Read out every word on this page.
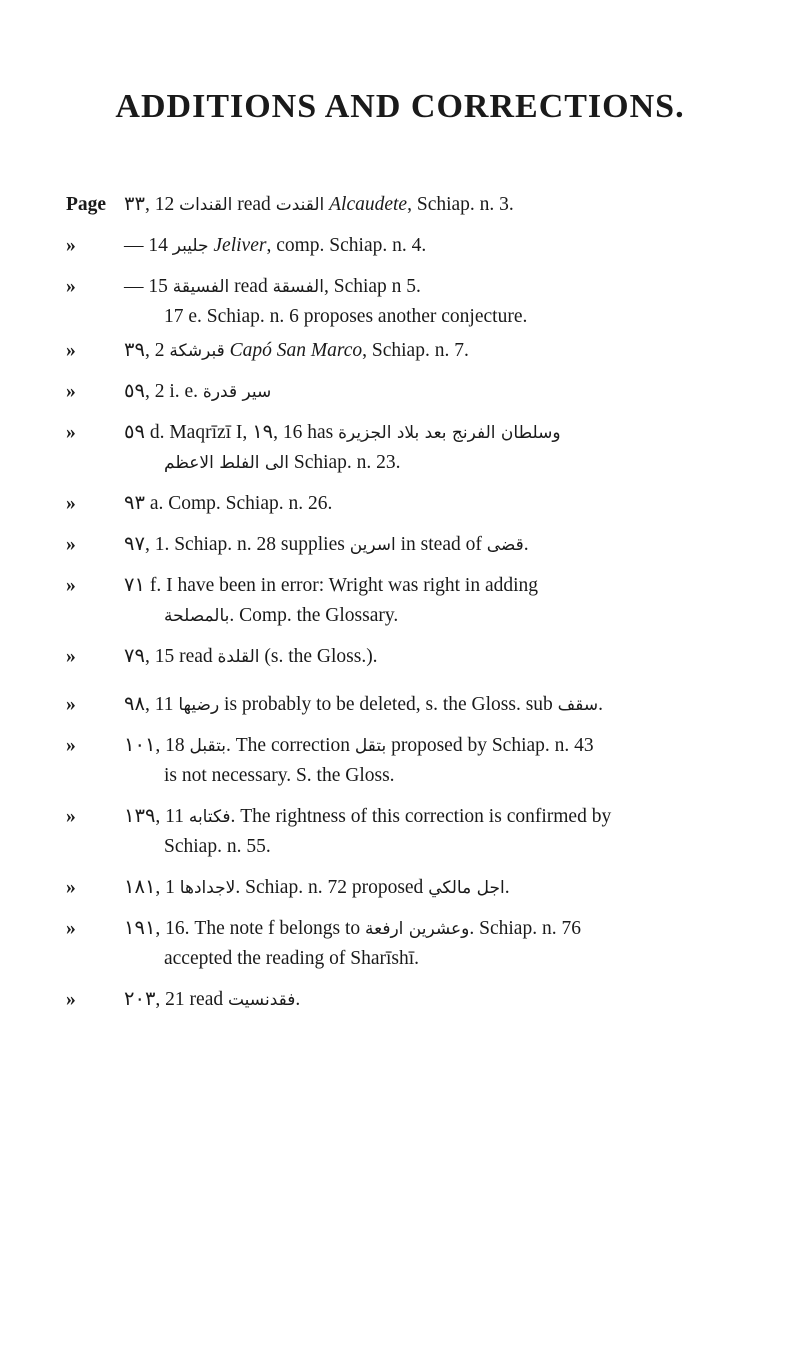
ADDITIONS AND CORRECTIONS.
Page ٣٣, 12 القندات read القندت Alcaudete, Schiap. n. 3.
»	— 14 جليبر Jeliver, comp. Schiap. n. 4.
»	— 15 الفسيقة read الفسقة, Schiap n 5.
17 e. Schiap. n. 6 proposes another conjecture.
»	٣٩, 2 قبرشكة Capó San Marco, Schiap. n. 7.
»	٥٩, 2 i. e. سير قدرة
»	٥٩ d. Maqrīzī I, ١٩, 16 has وسلطان الفرنج بعد بلاد الجزيرة
الى الفلط الاعظم Schiap. n. 23.
»	٩٣ a. Comp. Schiap. n. 26.
»	٩٧, 1. Schiap. n. 28 supplies اسرين in stead of قضى.
»	٧١ f. I have been in error: Wright was right in adding
بالمصلحة. Comp. the Glossary.
»	٧٩, 15 read القلدة (s. the Gloss.).
»	٩٨, 11 رضيها is probably to be deleted, s. the Gloss. sub سقف.
»	١٠١, 18 بتقبل. The correction بتقل proposed by Schiap. n. 43
is not necessary. S. the Gloss.
»	١٣٩, 11 فكتابه. The rightness of this correction is confirmed by
Schiap. n. 55.
»	١٨١, 1 لاجدادها. Schiap. n. 72 proposed اجل مالكي.
»	١٩١, 16. The note f belongs to وعشرين ارفعة. Schiap. n. 76
accepted the reading of Sharīshī.
»	٢٠٣, 21 read فقدنسيت.
